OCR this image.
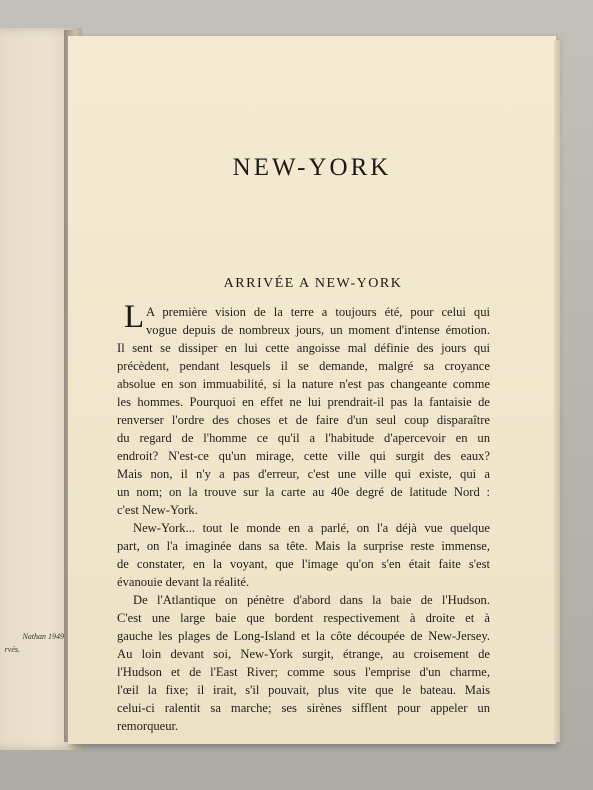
Nathan 1949
rvés.
NEW-YORK
ARRIVÉE A NEW-YORK
L A première vision de la terre a toujours été, pour celui qui
vogue depuis de nombreux jours, un moment d'intense émotion.
Il sent se dissiper en lui cette angoisse mal définie des jours qui
précèdent, pendant lesquels il se demande, malgré sa croyance
absolue en son immuabilité, si la nature n'est pas changeante comme
les hommes. Pourquoi en effet ne lui prendrait-il pas la fantaisie de
renverser l'ordre des choses et de faire d'un seul coup disparaître
du regard de l'homme ce qu'il a l'habitude d'apercevoir en un
endroit? N'est-ce qu'un mirage, cette ville qui surgit des eaux?
Mais non, il n'y a pas d'erreur, c'est une ville qui existe, qui a
un nom; on la trouve sur la carte au 40e degré de latitude Nord :
c'est New-York.
New-York... tout le monde en a parlé, on l'a déjà vue quelque
part, on l'a imaginée dans sa tête. Mais la surprise reste immense,
de constater, en la voyant, que l'image qu'on s'en était faite s'est
évanouie devant la réalité.
De l'Atlantique on pénètre d'abord dans la baie de l'Hudson.
C'est une large baie que bordent respectivement à droite et à
gauche les plages de Long-Island et la côte découpée de New-Jersey.
Au loin devant soi, New-York surgit, étrange, au croisement de
l'Hudson et de l'East River; comme sous l'emprise d'un charme,
l'œil la fixe; il irait, s'il pouvait, plus vite que le bateau. Mais
celui-ci ralentit sa marche; ses sirènes sifflent pour appeler un
remorqueur.
